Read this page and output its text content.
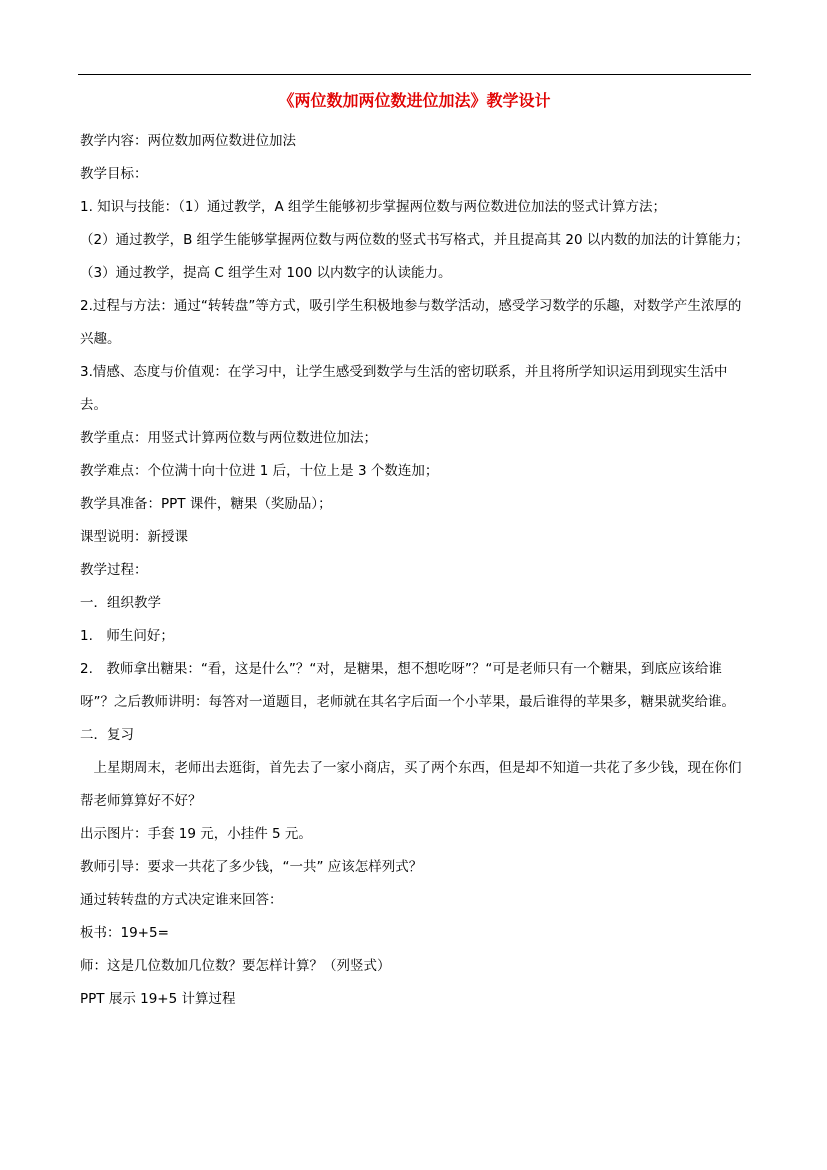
《两位数加两位数进位加法》教学设计

教学内容：两位数加两位数进位加法

教学目标：

1. 知识与技能：（1）通过教学，A 组学生能够初步掌握两位数与两位数进位加法的竖式计算方法；

（2）通过教学，B 组学生能够掌握两位数与两位数的竖式书写格式，并且提高其 20 以内数的加法的计算能力；

（3）通过教学，提高 C 组学生对 100 以内数字的认读能力。

2.过程与方法：通过“转转盘”等方式，吸引学生积极地参与数学活动，感受学习数学的乐趣，对数学产生浓厚的兴趣。

3.情感、态度与价值观：在学习中，让学生感受到数学与生活的密切联系，并且将所学知识运用到现实生活中去。

教学重点：用竖式计算两位数与两位数进位加法；

教学难点：个位满十向十位进 1 后，十位上是 3 个数连加；

教学具准备：PPT 课件，糖果（奖励品）；

课型说明：新授课

教学过程：

一．组织教学

1.　师生问好；

2.　教师拿出糖果：“看，这是什么”？“对，是糖果，想不想吃呀”？“可是老师只有一个糖果，到底应该给谁呀”？之后教师讲明：每答对一道题目，老师就在其名字后面一个小苹果，最后谁得的苹果多，糖果就奖给谁。

二．复习

　上星期周末，老师出去逛街，首先去了一家小商店，买了两个东西，但是却不知道一共花了多少钱，现在你们帮老师算算好不好？

出示图片：手套 19 元，小挂件 5 元。

教师引导：要求一共花了多少钱，“一共” 应该怎样列式？

通过转转盘的方式决定谁来回答：

板书：19+5=

师：这是几位数加几位数？要怎样计算？（列竖式）

PPT 展示 19+5 计算过程
